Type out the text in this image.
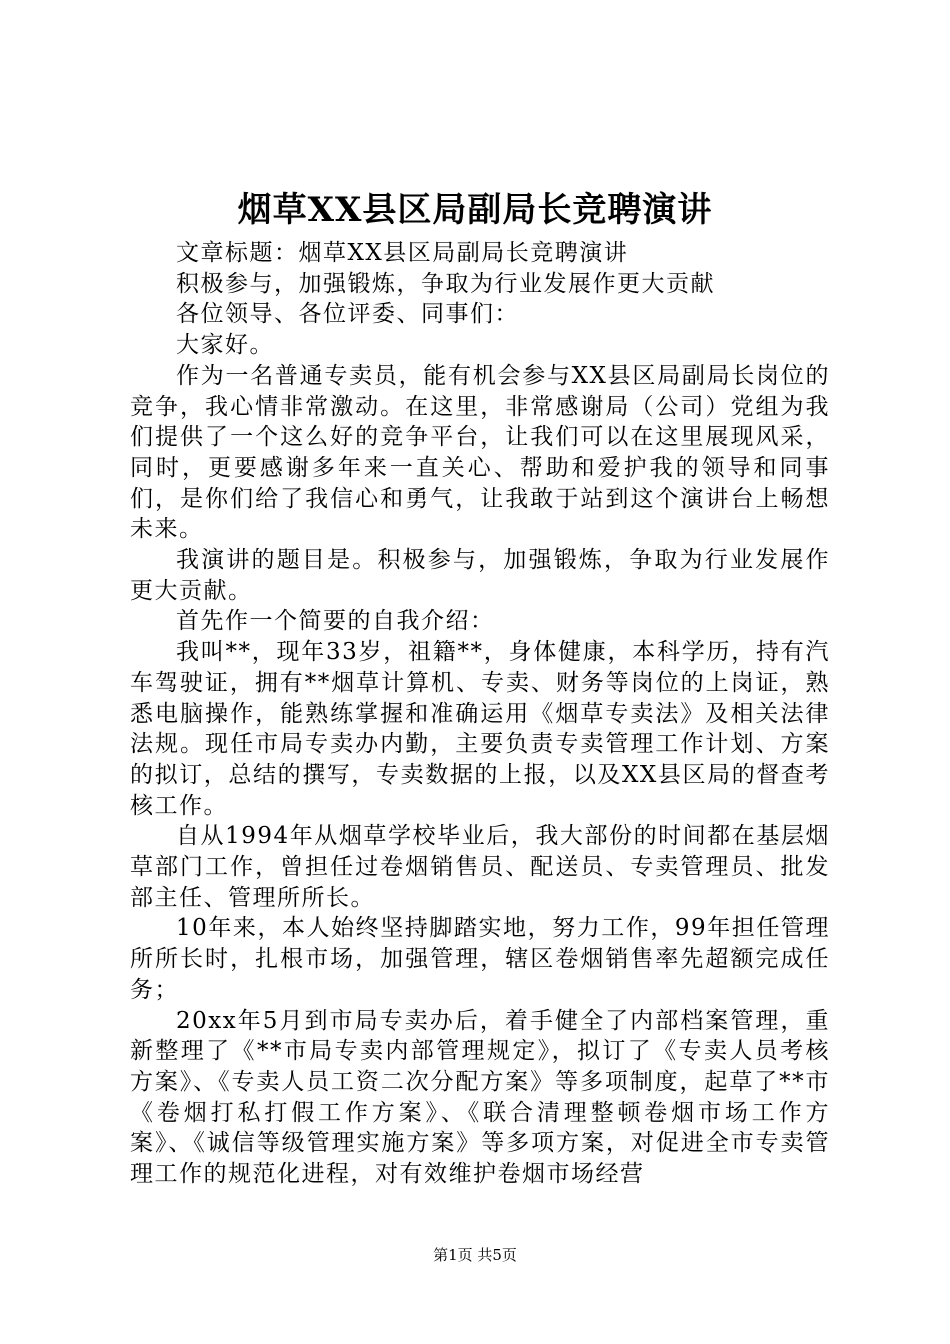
烟草XX县区局副局长竞聘演讲

文章标题：烟草XX县区局副局长竞聘演讲

积极参与，加强锻炼，争取为行业发展作更大贡献

各位领导、各位评委、同事们：

大家好。

作为一名普通专卖员，能有机会参与XX县区局副局长岗位的竞争，我心情非常激动。在这里，非常感谢局（公司）党组为我们提供了一个这么好的竞争平台，让我们可以在这里展现风采，同时，更要感谢多年来一直关心、帮助和爱护我的领导和同事们，是你们给了我信心和勇气，让我敢于站到这个演讲台上畅想未来。

我演讲的题目是。积极参与，加强锻炼，争取为行业发展作更大贡献。

首先作一个简要的自我介绍：

我叫**，现年33岁，祖籍**，身体健康，本科学历，持有汽车驾驶证，拥有**烟草计算机、专卖、财务等岗位的上岗证，熟悉电脑操作，能熟练掌握和准确运用《烟草专卖法》及相关法律法规。现任市局专卖办内勤，主要负责专卖管理工作计划、方案的拟订，总结的撰写，专卖数据的上报，以及XX县区局的督查考核工作。

自从1994年从烟草学校毕业后，我大部份的时间都在基层烟草部门工作，曾担任过卷烟销售员、配送员、专卖管理员、批发部主任、管理所所长。

10年来，本人始终坚持脚踏实地，努力工作，99年担任管理所所长时，扎根市场，加强管理，辖区卷烟销售率先超额完成任务；

20xx年5月到市局专卖办后，着手健全了内部档案管理，重新整理了《**市局专卖内部管理规定》，拟订了《专卖人员考核方案》、《专卖人员工资二次分配方案》等多项制度，起草了**市《卷烟打私打假工作方案》、《联合清理整顿卷烟市场工作方案》、《诚信等级管理实施方案》等多项方案，对促进全市专卖管理工作的规范化进程，对有效维护卷烟市场经营

第1页 共5页
